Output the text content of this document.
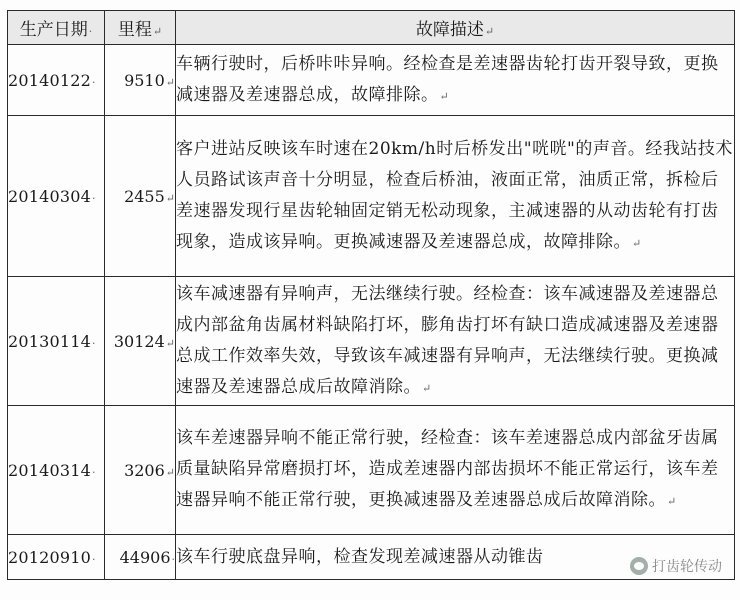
生产日期·	里程↵	故障描述↵
20140122·	9510↵	车辆行驶时，后桥咔咔异响。经检查是差速器齿轮打齿开裂导致，更换减速器及差速器总成，故障排除。↵
20140304·	2455↵	客户进站反映该车时速在20km/h时后桥发出"咣咣"的声音。经我站技术人员路试该声音十分明显，检查后桥油，液面正常，油质正常，拆检后差速器发现行星齿轮轴固定销无松动现象，主减速器的从动齿轮有打齿现象，造成该异响。更换减速器及差速器总成，故障排除。↵
20130114·	30124↵	该车减速器有异响声，无法继续行驶。经检查：该车减速器及差速器总成内部盆角齿属材料缺陷打坏，膨角齿打坏有缺口造成减速器及差速器总成工作效率失效，导致该车减速器有异响声，无法继续行驶。更换减速器及差速器总成后故障消除。↵
20140314·	3206↵	该车差速器异响不能正常行驶，经检查：该车差速器总成内部盆牙齿属质量缺陷异常磨损打坏，造成差速器内部齿损坏不能正常运行，该车差速器异响不能正常行驶，更换减速器及差速器总成后故障消除。↵
20120910·	44906·	该车行驶底盘异响，检查发现差减速器从动锥齿
打齿轮传动
